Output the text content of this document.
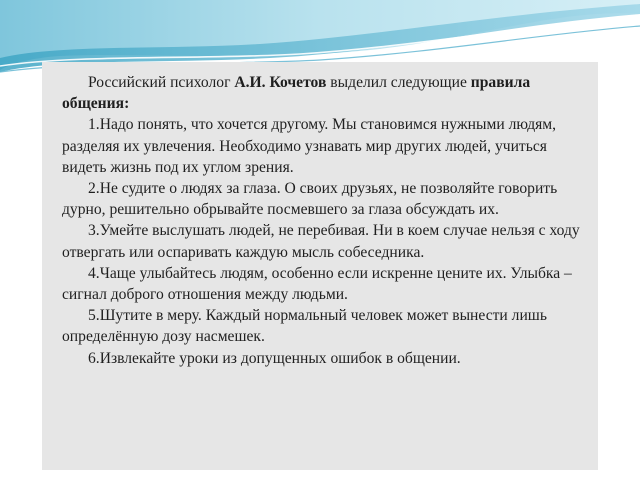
Российский психолог А.И. Кочетов выделил следующие правила общения:

1.Надо понять, что хочется другому. Мы становимся нужными людям, разделяя их увлечения. Необходимо узнавать мир других людей, учиться видеть жизнь под их углом зрения.

2.Не судите о людях за глаза. О своих друзьях, не позволяйте говорить дурно, решительно обрывайте посмевшего за глаза обсуждать их.

3.Умейте выслушать людей, не перебивая. Ни в коем случае нельзя с ходу отвергать или оспаривать каждую мысль собеседника.

4.Чаще улыбайтесь людям, особенно если искренне цените их. Улыбка – сигнал доброго отношения между людьми.

5.Шутите в меру. Каждый нормальный человек может вынести лишь определённую дозу насмешек.

6.Извлекайте уроки из допущенных ошибок в общении.
